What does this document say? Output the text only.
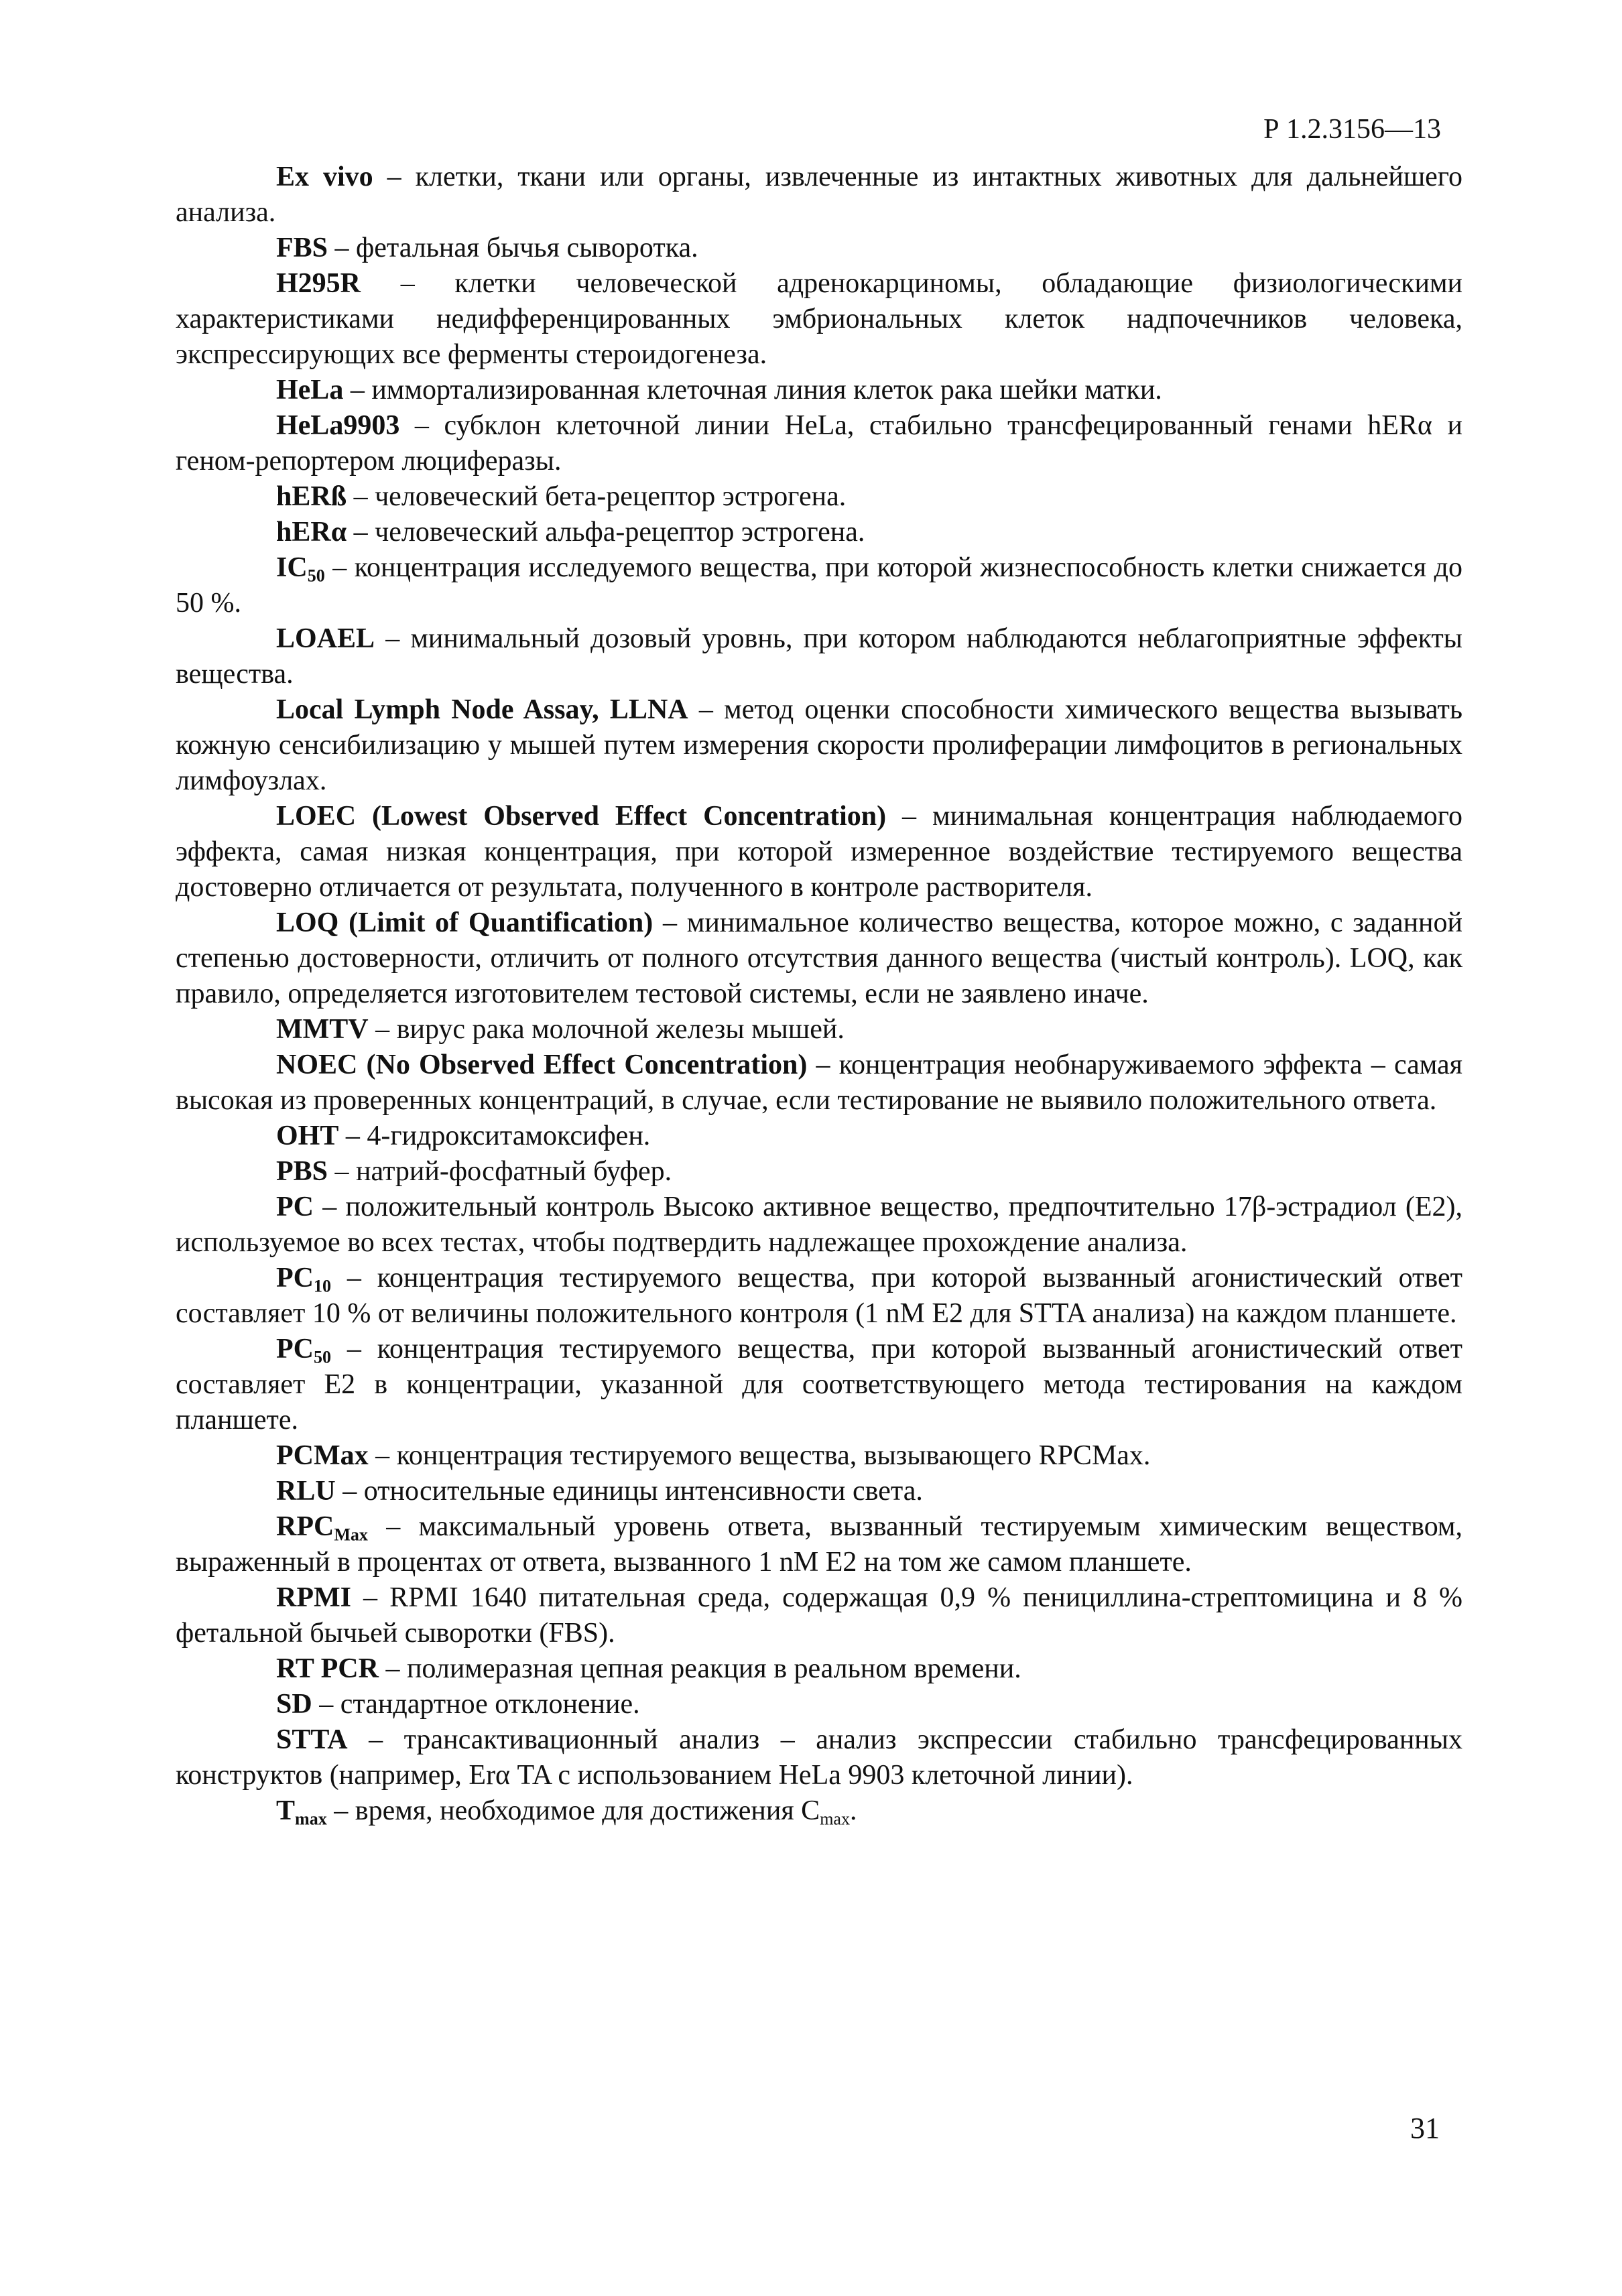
Р 1.2.3156—13

Ex vivo – клетки, ткани или органы, извлеченные из интактных животных для дальнейшего анализа.

FBS – фетальная бычья сыворотка.

H295R – клетки человеческой адренокарциномы, обладающие физиологическими характеристиками недифференцированных эмбриональных клеток надпочечников человека, экспрессирующих все ферменты стероидогенеза.

HeLa – иммортализированная клеточная линия клеток рака шейки матки.

HeLa9903 – субклон клеточной линии HeLa, стабильно трансфецированный генами hERα и геном-репортером люциферазы.

hERß – человеческий бета-рецептор эстрогена.

hERα – человеческий альфа-рецептор эстрогена.

$IC_{50}$ – концентрация исследуемого вещества, при которой жизнеспособность клетки снижается до 50 %.

LOAEL – минимальный дозовый уровнь, при котором наблюдаются неблагоприятные эффекты вещества.

Local Lymph Node Assay, LLNA – метод оценки способности химического вещества вызывать кожную сенсибилизацию у мышей путем измерения скорости пролиферации лимфоцитов в региональных лимфоузлах.

LOEC (Lowest Observed Effect Concentration) – минимальная концентрация наблюдаемого эффекта, самая низкая концентрация, при которой измеренное воздействие тестируемого вещества достоверно отличается от результата, полученного в контроле растворителя.

LOQ (Limit of Quantification) – минимальное количество вещества, которое можно, с заданной степенью достоверности, отличить от полного отсутствия данного вещества (чистый контроль). LOQ, как правило, определяется изготовителем тестовой системы, если не заявлено иначе.

MMTV – вирус рака молочной железы мышей.

NOEC (No Observed Effect Concentration) – концентрация необнаруживаемого эффекта – самая высокая из проверенных концентраций, в случае, если тестирование не выявило положительного ответа.

OHT – 4-гидрокситамоксифен.

PBS – натрий-фосфатный буфер.

PC – положительный контроль Высоко активное вещество, предпочтительно 17β-эстрадиол (E2), используемое во всех тестах, чтобы подтвердить надлежащее прохождение анализа.

$PC_{10}$ – концентрация тестируемого вещества, при которой вызванный агонистический ответ составляет 10 % от величины положительного контроля (1 nM E2 для STTA анализа) на каждом планшете.

$PC_{50}$ – концентрация тестируемого вещества, при которой вызванный агонистический ответ составляет E2 в концентрации, указанной для соответствующего метода тестирования на каждом планшете.

PCMax – концентрация тестируемого вещества, вызывающего RPCMax.

RLU – относительные единицы интенсивности света.

$RPC_{Max}$ – максимальный уровень ответа, вызванный тестируемым химическим веществом, выраженный в процентах от ответа, вызванного 1 nM E2 на том же самом планшете.

RPMI – RPMI 1640 питательная среда, содержащая 0,9 % пенициллина-стрептомицина и 8 % фетальной бычьей сыворотки (FBS).

RT PCR – полимеразная цепная реакция в реальном времени.

SD – стандартное отклонение.

STTA – трансактивационный анализ – анализ экспрессии стабильно трансфецированных конструктов (например, Erα TA с использованием HeLa 9903 клеточной линии).

$T_{max}$ – время, необходимое для достижения $C_{max}$.

31
